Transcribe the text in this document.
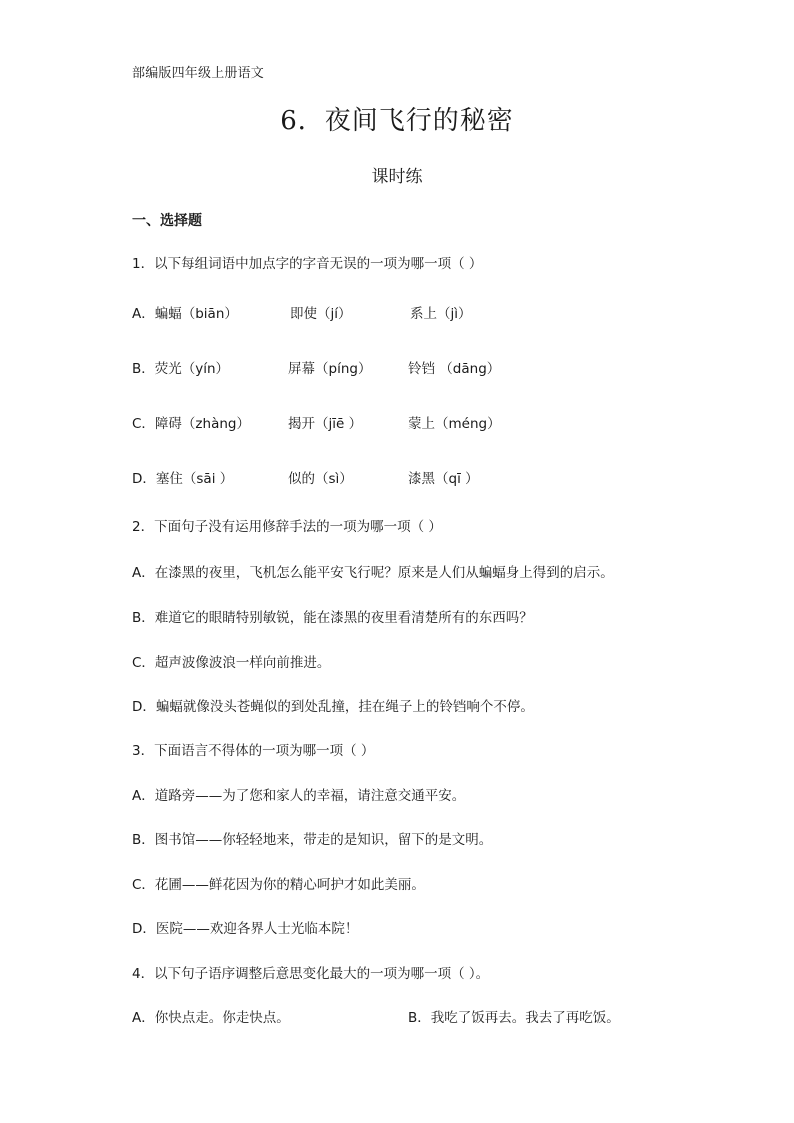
部编版四年级上册语文
6．夜间飞行的秘密
课时练
一、选择题
1．以下每组词语中加点字的字音无误的一项为哪一项（ ）
A．蝙蝠（biān）	即使（jí）	系上（jì）
B．荧光（yín）	屏幕（píng）	铃铛 （dāng）
C．障碍（zhàng）	揭开（jīē ）	蒙上（méng）
D．塞住（sāi ）	似的（sì）	漆黑（qī ）
2．下面句子没有运用修辞手法的一项为哪一项（ ）
A．在漆黑的夜里，飞机怎么能平安飞行呢？原来是人们从蝙蝠身上得到的启示。
B．难道它的眼睛特别敏锐，能在漆黑的夜里看清楚所有的东西吗？
C．超声波像波浪一样向前推进。
D．蝙蝠就像没头苍蝇似的到处乱撞，挂在绳子上的铃铛响个不停。
3．下面语言不得体的一项为哪一项（ ）
A．道路旁——为了您和家人的幸福，请注意交通平安。
B．图书馆——你轻轻地来，带走的是知识，留下的是文明。
C．花圃——鲜花因为你的精心呵护才如此美丽。
D．医院——欢迎各界人士光临本院！
4．以下句子语序调整后意思变化最大的一项为哪一项（ ）。
A．你快点走。你走快点。	B．我吃了饭再去。我去了再吃饭。
